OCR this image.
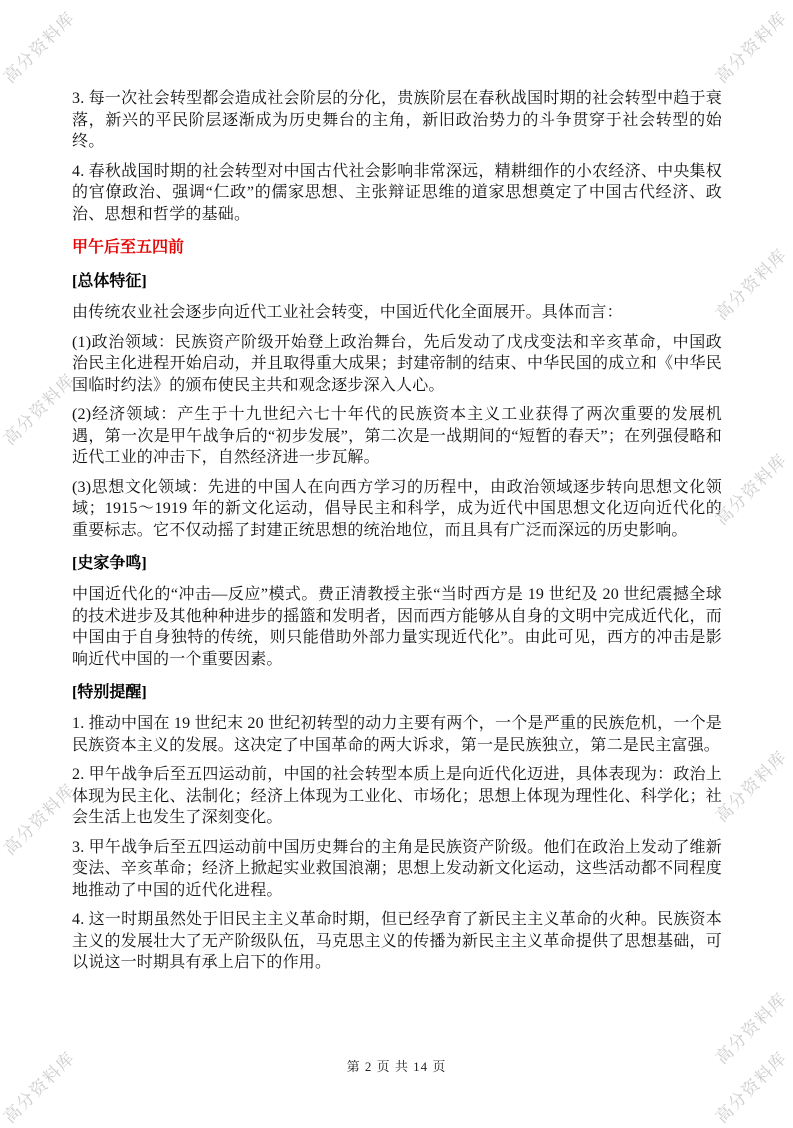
3. 每一次社会转型都会造成社会阶层的分化，贵族阶层在春秋战国时期的社会转型中趋于衰落，新兴的平民阶层逐渐成为历史舞台的主角，新旧政治势力的斗争贯穿于社会转型的始终。

4. 春秋战国时期的社会转型对中国古代社会影响非常深远，精耕细作的小农经济、中央集权的官僚政治、强调“仁政”的儒家思想、主张辩证思维的道家思想奠定了中国古代经济、政治、思想和哲学的基础。

甲午后至五四前
[总体特征]

由传统农业社会逐步向近代工业社会转变，中国近代化全面展开。具体而言：

(1)政治领域：民族资产阶级开始登上政治舞台，先后发动了戊戌变法和辛亥革命，中国政治民主化进程开始启动，并且取得重大成果；封建帝制的结束、中华民国的成立和《中华民国临时约法》的颁布使民主共和观念逐步深入人心。

(2)经济领域：产生于十九世纪六七十年代的民族资本主义工业获得了两次重要的发展机遇，第一次是甲午战争后的“初步发展”，第二次是一战期间的“短暂的春天”；在列强侵略和近代工业的冲击下，自然经济进一步瓦解。

(3)思想文化领域：先进的中国人在向西方学习的历程中，由政治领域逐步转向思想文化领域；1915～1919 年的新文化运动，倡导民主和科学，成为近代中国思想文化迈向近代化的重要标志。它不仅动摇了封建正统思想的统治地位，而且具有广泛而深远的历史影响。

[史家争鸣]

中国近代化的“冲击—反应”模式。费正清教授主张“当时西方是 19 世纪及 20 世纪震撼全球的技术进步及其他种种进步的摇篮和发明者，因而西方能够从自身的文明中完成近代化，而中国由于自身独特的传统，则只能借助外部力量实现近代化”。由此可见，西方的冲击是影响近代中国的一个重要因素。

[特别提醒]

1. 推动中国在 19 世纪末 20 世纪初转型的动力主要有两个，一个是严重的民族危机，一个是民族资本主义的发展。这决定了中国革命的两大诉求，第一是民族独立，第二是民主富强。

2. 甲午战争后至五四运动前，中国的社会转型本质上是向近代化迈进，具体表现为：政治上体现为民主化、法制化；经济上体现为工业化、市场化；思想上体现为理性化、科学化；社会生活上也发生了深刻变化。

3. 甲午战争后至五四运动前中国历史舞台的主角是民族资产阶级。他们在政治上发动了维新变法、辛亥革命；经济上掀起实业救国浪潮；思想上发动新文化运动，这些活动都不同程度地推动了中国的近代化进程。

4. 这一时期虽然处于旧民主主义革命时期，但已经孕育了新民主主义革命的火种。民族资本主义的发展壮大了无产阶级队伍，马克思主义的传播为新民主主义革命提供了思想基础，可以说这一时期具有承上启下的作用。

第 2 页 共 14 页
高分资料库	高分资料库
高分资料库
高分资料库
高分资料库
高分资料库
高分资料库
高分资料库
高分资料库	高分资料库
